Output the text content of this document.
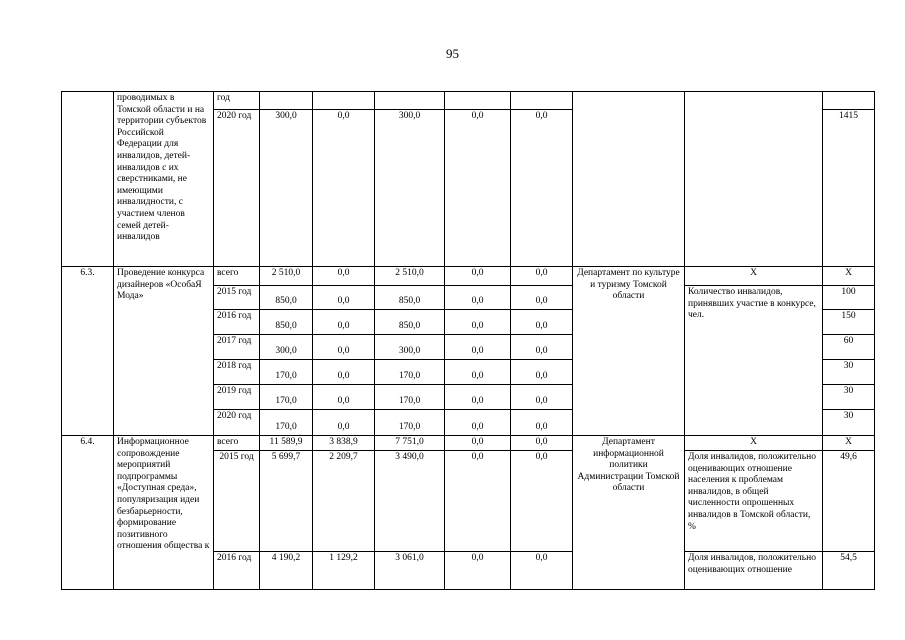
95
	проводимых в Томской области и на территории субъектов Российской Федерации для инвалидов, детей-инвалидов с их сверстниками, не имеющими инвалидности, с участием членов семей детей-инвалидов	год								
		2020 год	300,0	0,0	300,0	0,0	0,0			1415
6.3.	Проведение конкурса дизайнеров «ОсобаЯ Мода»	всего	2 510,0	0,0	2 510,0	0,0	0,0	Департамент по культуре и туризму Томской области	Х	Х
		2015 год	850,0	0,0	850,0	0,0	0,0		Количество инвалидов, принявших участие в конкурсе, чел.	100
		2016 год	850,0	0,0	850,0	0,0	0,0			150
		2017 год	300,0	0,0	300,0	0,0	0,0			60
		2018 год	170,0	0,0	170,0	0,0	0,0			30
		2019 год	170,0	0,0	170,0	0,0	0,0			30
		2020 год	170,0	0,0	170,0	0,0	0,0			30
6.4.	Информационное сопровождение мероприятий подпрограммы «Доступная среда», популяризация идеи безбарьерности, формирование позитивного отношения общества к	всего	11 589,9	3 838,9	7 751,0	0,0	0,0	Департамент информационной политики Администрации Томской области	Х	Х
		2015 год	5 699,7	2 209,7	3 490,0	0,0	0,0		Доля инвалидов, положительно оценивающих отношение населения к проблемам инвалидов, в общей численности опрошенных инвалидов в Томской области, %	49,6
		2016 год	4 190,2	1 129,2	3 061,0	0,0	0,0		Доля инвалидов, положительно оценивающих отношение	54,5
